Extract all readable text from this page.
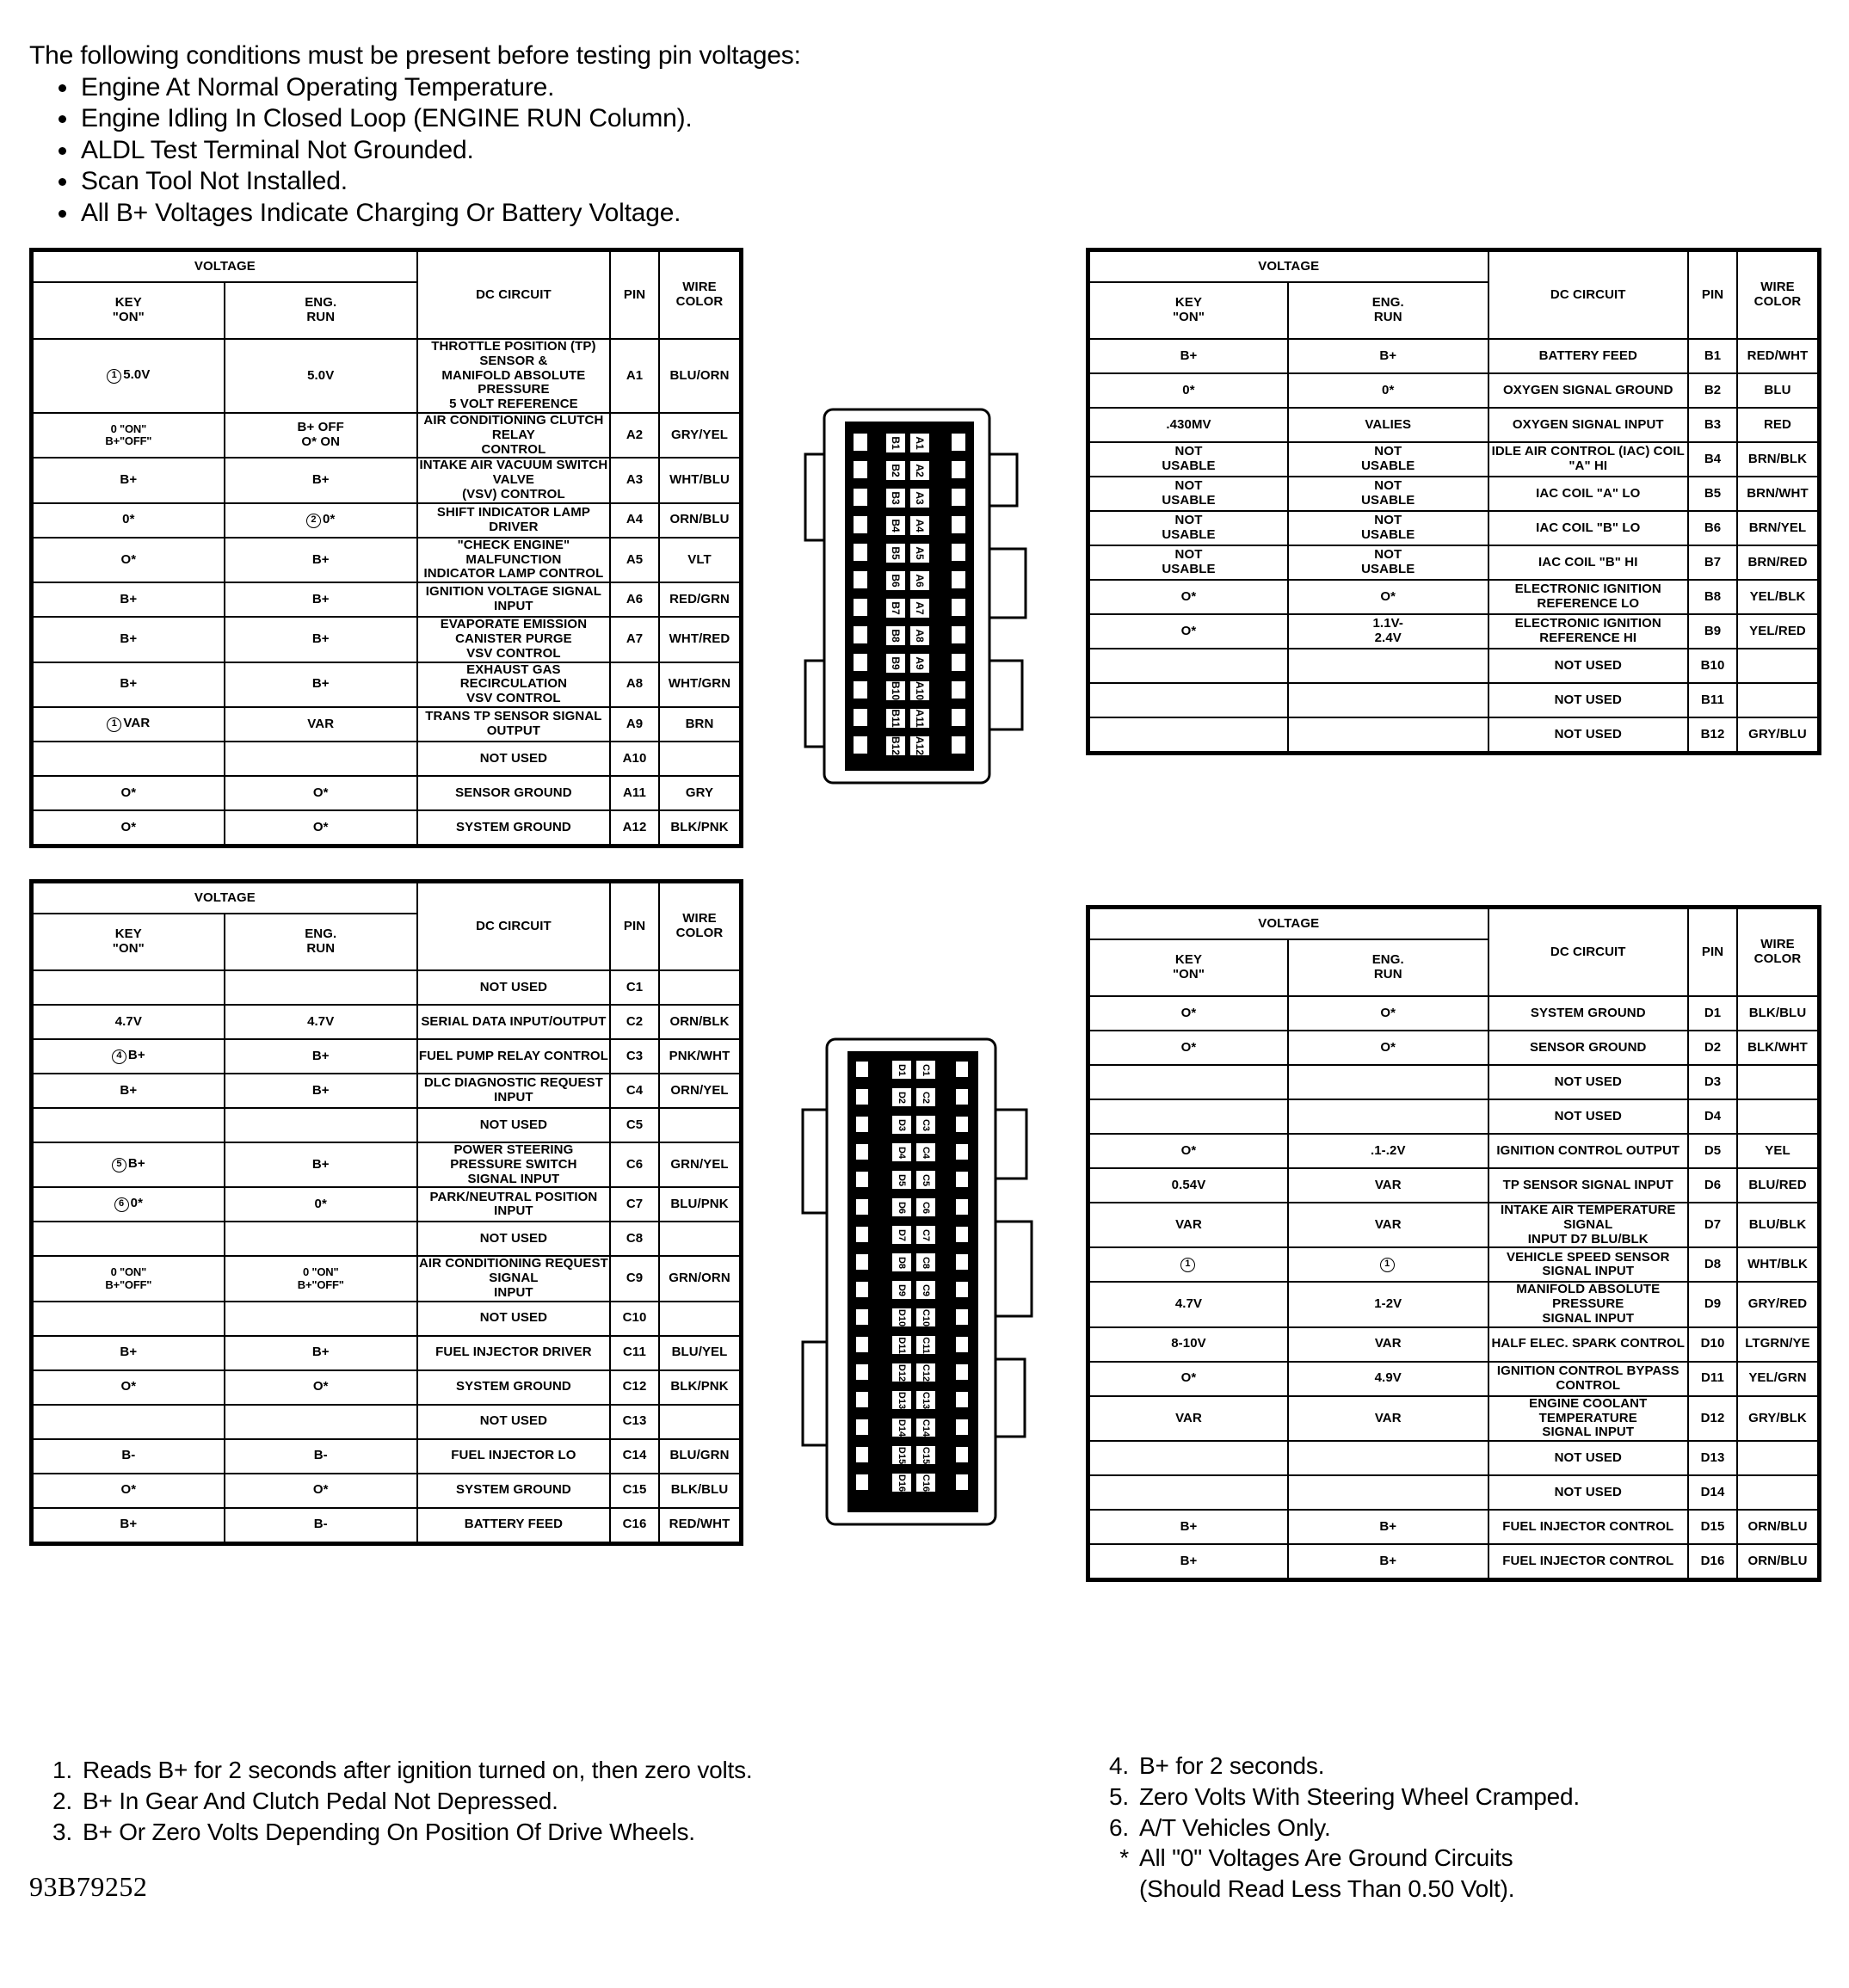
The following conditions must be present before testing pin voltages:
Engine At Normal Operating Temperature.
Engine Idling In Closed Loop (ENGINE RUN Column).
ALDL Test Terminal Not Grounded.
Scan Tool Not Installed.
All B+ Voltages Indicate Charging Or Battery Voltage.
VOLTAGE		DC CIRCUIT	PIN	WIRE
COLOR
KEY
"ON"	ENG.
RUN			
1 5.0V	5.0V	THROTTLE POSITION (TP) SENSOR &
MANIFOLD ABSOLUTE PRESSURE
5 VOLT REFERENCE	A1	BLU/ORN
0 "ON"
B+"OFF"	B+ OFF
O* ON	AIR CONDITIONING CLUTCH RELAY
CONTROL	A2	GRY/YEL
B+	B+	INTAKE AIR VACUUM SWITCH VALVE
(VSV) CONTROL	A3	WHT/BLU
0*	2 0*	SHIFT INDICATOR LAMP DRIVER	A4	ORN/BLU
O*	B+	"CHECK ENGINE" MALFUNCTION
INDICATOR LAMP CONTROL	A5	VLT
B+	B+	IGNITION VOLTAGE SIGNAL INPUT	A6	RED/GRN
B+	B+	EVAPORATE EMISSION CANISTER PURGE
VSV CONTROL	A7	WHT/RED
B+	B+	EXHAUST GAS RECIRCULATION
VSV CONTROL	A8	WHT/GRN
1 VAR	VAR	TRANS TP SENSOR SIGNAL OUTPUT	A9	BRN
		NOT USED	A10	
O*	O*	SENSOR GROUND	A11	GRY
O*	O*	SYSTEM GROUND	A12	BLK/PNK
VOLTAGE		DC CIRCUIT	PIN	WIRE
COLOR
KEY
"ON"	ENG.
RUN			
B+	B+	BATTERY FEED	B1	RED/WHT
0*	0*	OXYGEN SIGNAL GROUND	B2	BLU
.430MV	VALIES	OXYGEN SIGNAL INPUT	B3	RED
NOT
USABLE	NOT
USABLE	IDLE AIR CONTROL (IAC) COIL "A" HI	B4	BRN/BLK
NOT
USABLE	NOT
USABLE	IAC COIL "A" LO	B5	BRN/WHT
NOT
USABLE	NOT
USABLE	IAC COIL "B" LO	B6	BRN/YEL
NOT
USABLE	NOT
USABLE	IAC COIL "B" HI	B7	BRN/RED
O*	O*	ELECTRONIC IGNITION REFERENCE LO	B8	YEL/BLK
O*	1.1V-
2.4V	ELECTRONIC IGNITION REFERENCE HI	B9	YEL/RED
		NOT USED	B10	
		NOT USED	B11	
		NOT USED	B12	GRY/BLU
VOLTAGE		DC CIRCUIT	PIN	WIRE
COLOR
KEY
"ON"	ENG.
RUN			
		NOT USED	C1	
4.7V	4.7V	SERIAL DATA INPUT/OUTPUT	C2	ORN/BLK
4 B+	B+	FUEL PUMP RELAY CONTROL	C3	PNK/WHT
B+	B+	DLC DIAGNOSTIC REQUEST INPUT	C4	ORN/YEL
		NOT USED	C5	
5 B+	B+	POWER STEERING PRESSURE SWITCH
SIGNAL INPUT	C6	GRN/YEL
6 0*	0*	PARK/NEUTRAL POSITION INPUT	C7	BLU/PNK
		NOT USED	C8	
0 "ON"
B+"OFF"	0 "ON"
B+"OFF"	AIR CONDITIONING REQUEST SIGNAL
INPUT	C9	GRN/ORN
		NOT USED	C10	
B+	B+	FUEL INJECTOR DRIVER	C11	BLU/YEL
O*	O*	SYSTEM GROUND	C12	BLK/PNK
		NOT USED	C13	
B-	B-	FUEL INJECTOR LO	C14	BLU/GRN
O*	O*	SYSTEM GROUND	C15	BLK/BLU
B+	B-	BATTERY FEED	C16	RED/WHT
VOLTAGE		DC CIRCUIT	PIN	WIRE
COLOR
KEY
"ON"	ENG.
RUN			
O*	O*	SYSTEM GROUND	D1	BLK/BLU
O*	O*	SENSOR GROUND	D2	BLK/WHT
		NOT USED	D3	
		NOT USED	D4	
O*	.1-.2V	IGNITION CONTROL OUTPUT	D5	YEL
0.54V	VAR	TP SENSOR SIGNAL INPUT	D6	BLU/RED
VAR	VAR	INTAKE AIR TEMPERATURE SIGNAL
INPUT D7 BLU/BLK	D7	BLU/BLK
1	1	VEHICLE SPEED SENSOR SIGNAL INPUT	D8	WHT/BLK
4.7V	1-2V	MANIFOLD ABSOLUTE PRESSURE
SIGNAL INPUT	D9	GRY/RED
8-10V	VAR	HALF ELEC. SPARK CONTROL	D10	LTGRN/YE
O*	4.9V	IGNITION CONTROL BYPASS CONTROL	D11	YEL/GRN
VAR	VAR	ENGINE COOLANT TEMPERATURE
SIGNAL INPUT	D12	GRY/BLK
		NOT USED	D13	
		NOT USED	D14	
B+	B+	FUEL INJECTOR CONTROL	D15	ORN/BLU
B+	B+	FUEL INJECTOR CONTROL	D16	ORN/BLU
B1 A1
B2 A2
B3 A3
B4 A4
B5 A5
B6 A6
B7 A7
B8 A8
B9 A9
B10 A10
B11 A11
B12 A12
D1 C1
D2 C2
D3 C3
D4 C4
D5 C5
D6 C6
D7 C7
D8 C8
D9 C9
D10 C10
D11 C11
D12 C12
D13 C13
D14 C14
D15 C15
D16 C16
1. Reads B+ for 2 seconds after ignition turned on, then zero volts.
2. B+ In Gear And Clutch Pedal Not Depressed.
3. B+ Or Zero Volts Depending On Position Of Drive Wheels.
4. B+ for 2 seconds.
5. Zero Volts With Steering Wheel Cramped.
6. A/T Vehicles Only.
* All "0" Voltages Are Ground Circuits
(Should Read Less Than 0.50 Volt).
93B79252
